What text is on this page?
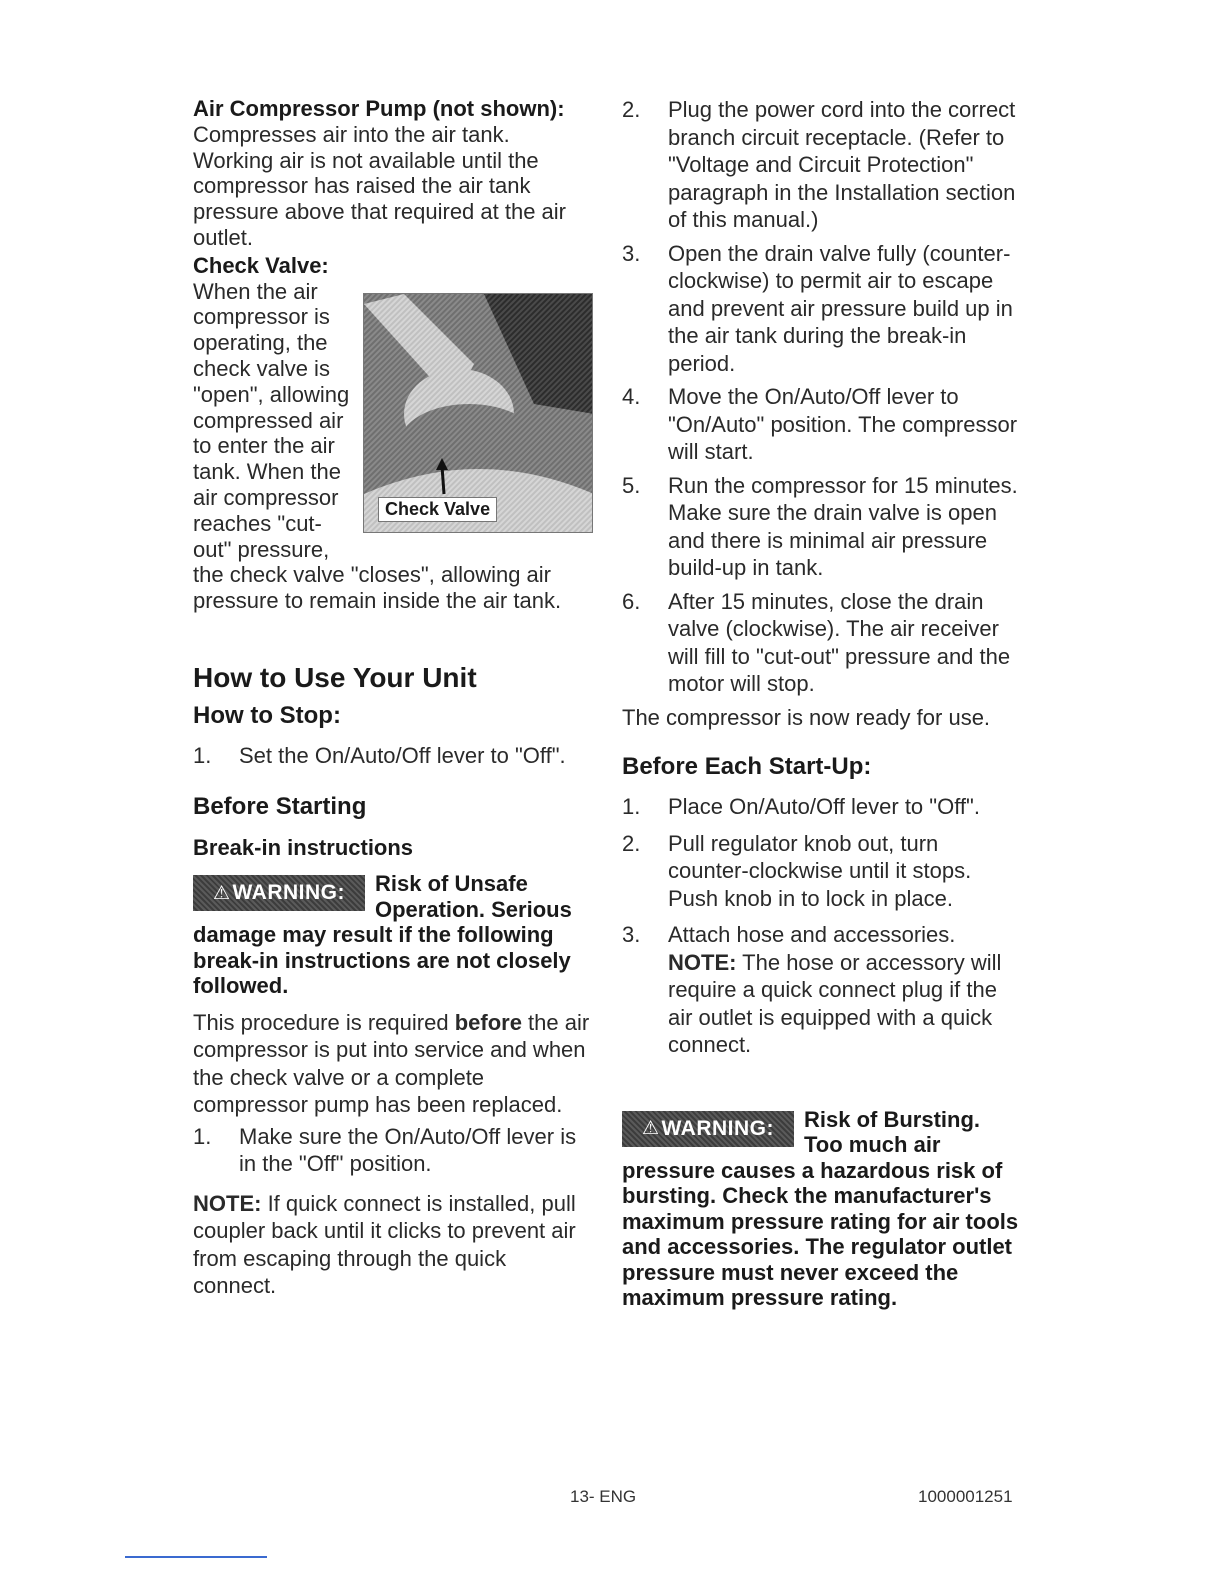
Air Compressor Pump (not shown):

Compresses air into the air tank. Working air is not available until the compressor has raised the air tank pressure above that required at the air outlet.

Check Valve:

Check Valve

When the air compressor is operating, the check valve is "open", allowing compressed air to enter the air tank. When the air compressor reaches "cut-out" pressure, the check valve "closes", allowing air pressure to remain inside the air tank.

How to Use Your Unit

How to Stop:

1.	Set the On/Auto/Off lever to "Off".

Before Starting

Break-in instructions

⚠ WARNING:	Risk of Unsafe Operation. Serious damage may result if the following break-in instructions are not closely followed.

This procedure is required before the air compressor is put into service and when the check valve or a complete compressor pump has been replaced.

1.	Make sure the On/Auto/Off lever is in the "Off" position.

NOTE: If quick connect is installed, pull coupler back until it clicks to prevent air from escaping through the quick connect.

2.	Plug the power cord into the correct branch circuit receptacle. (Refer to "Voltage and Circuit Protection" paragraph in the Installation section of this manual.)
3.	Open the drain valve fully (counter-clockwise) to permit air to escape and prevent air pressure build up in the air tank during the break-in period.
4.	Move the On/Auto/Off lever to "On/Auto" position. The compressor will start.
5.	Run the compressor for 15 minutes. Make sure the drain valve is open and there is minimal air pressure build-up in tank.
6.	After 15 minutes, close the drain valve (clockwise). The air receiver will fill to "cut-out" pressure and the motor will stop.

The compressor is now ready for use.

Before Each Start-Up:

1.	Place On/Auto/Off lever to "Off".
2.	Pull regulator knob out, turn counter-clockwise until it stops. Push knob in to lock in place.
3.	Attach hose and accessories.
NOTE: The hose or accessory will require a quick connect plug if the air outlet is equipped with a quick connect.
⚠ WARNING:	Risk of Bursting. Too much air pressure causes a hazardous risk of bursting. Check the manufacturer's maximum pressure rating for air tools and accessories. The regulator outlet pressure must never exceed the maximum pressure rating.

13- ENG	1000001251
